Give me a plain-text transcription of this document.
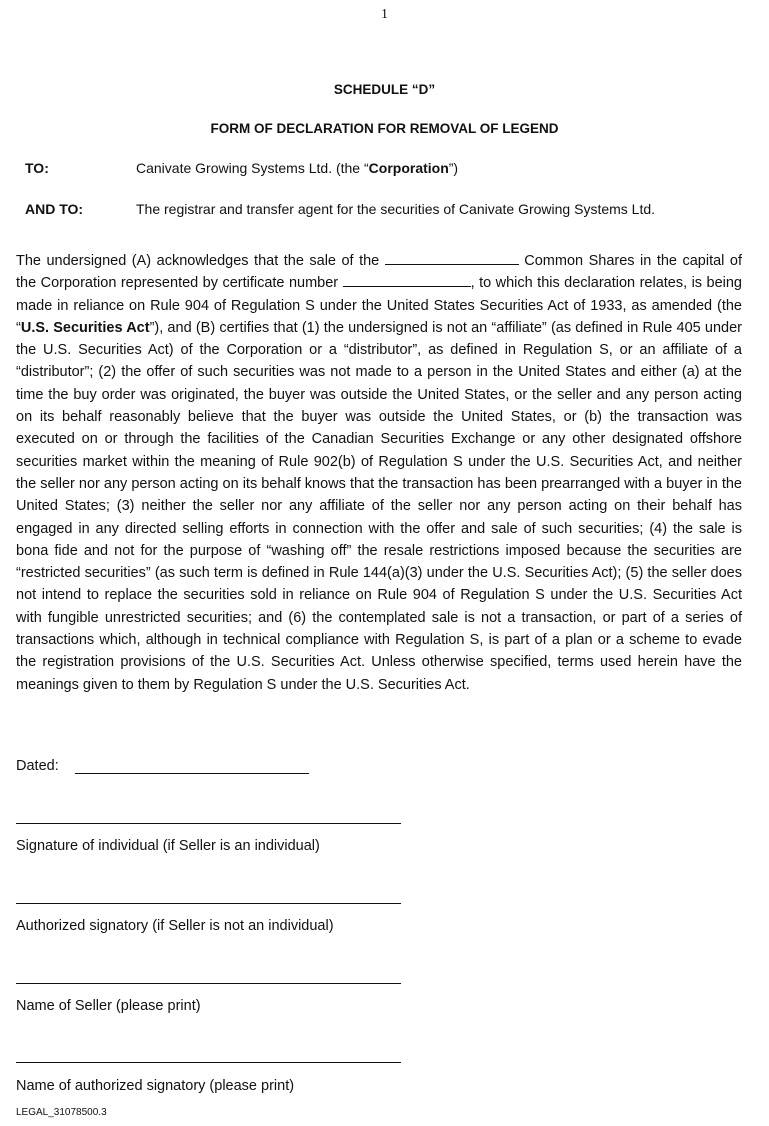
1
SCHEDULE “D”
FORM OF DECLARATION FOR REMOVAL OF LEGEND
TO:	Canivate Growing Systems Ltd. (the “Corporation”)
AND TO:	The registrar and transfer agent for the securities of Canivate Growing Systems Ltd.
The undersigned (A) acknowledges that the sale of the	Common Shares in the capital of the Corporation represented by certificate number	, to which this declaration relates, is being made in reliance on Rule 904 of Regulation S under the United States Securities Act of 1933, as amended (the “U.S. Securities Act”), and (B) certifies that (1) the undersigned is not an “affiliate” (as defined in Rule 405 under the U.S. Securities Act) of the Corporation or a “distributor”, as defined in Regulation S, or an affiliate of a “distributor”; (2) the offer of such securities was not made to a person in the United States and either (a) at the time the buy order was originated, the buyer was outside the United States, or the seller and any person acting on its behalf reasonably believe that the buyer was outside the United States, or (b) the transaction was executed on or through the facilities of the Canadian Securities Exchange or any other designated offshore securities market within the meaning of Rule 902(b) of Regulation S under the U.S. Securities Act, and neither the seller nor any person acting on its behalf knows that the transaction has been prearranged with a buyer in the United States; (3) neither the seller nor any affiliate of the seller nor any person acting on their behalf has engaged in any directed selling efforts in connection with the offer and sale of such securities; (4) the sale is bona fide and not for the purpose of “washing off” the resale restrictions imposed because the securities are “restricted securities” (as such term is defined in Rule 144(a)(3) under the U.S. Securities Act); (5) the seller does not intend to replace the securities sold in reliance on Rule 904 of Regulation S under the U.S. Securities Act with fungible unrestricted securities; and (6) the contemplated sale is not a transaction, or part of a series of transactions which, although in technical compliance with Regulation S, is part of a plan or a scheme to evade the registration provisions of the U.S. Securities Act. Unless otherwise specified, terms used herein have the meanings given to them by Regulation S under the U.S. Securities Act.
Dated:
Signature of individual (if Seller is an individual)
Authorized signatory (if Seller is not an individual)
Name of Seller (please print)
Name of authorized signatory (please print)
LEGAL_31078500.3
